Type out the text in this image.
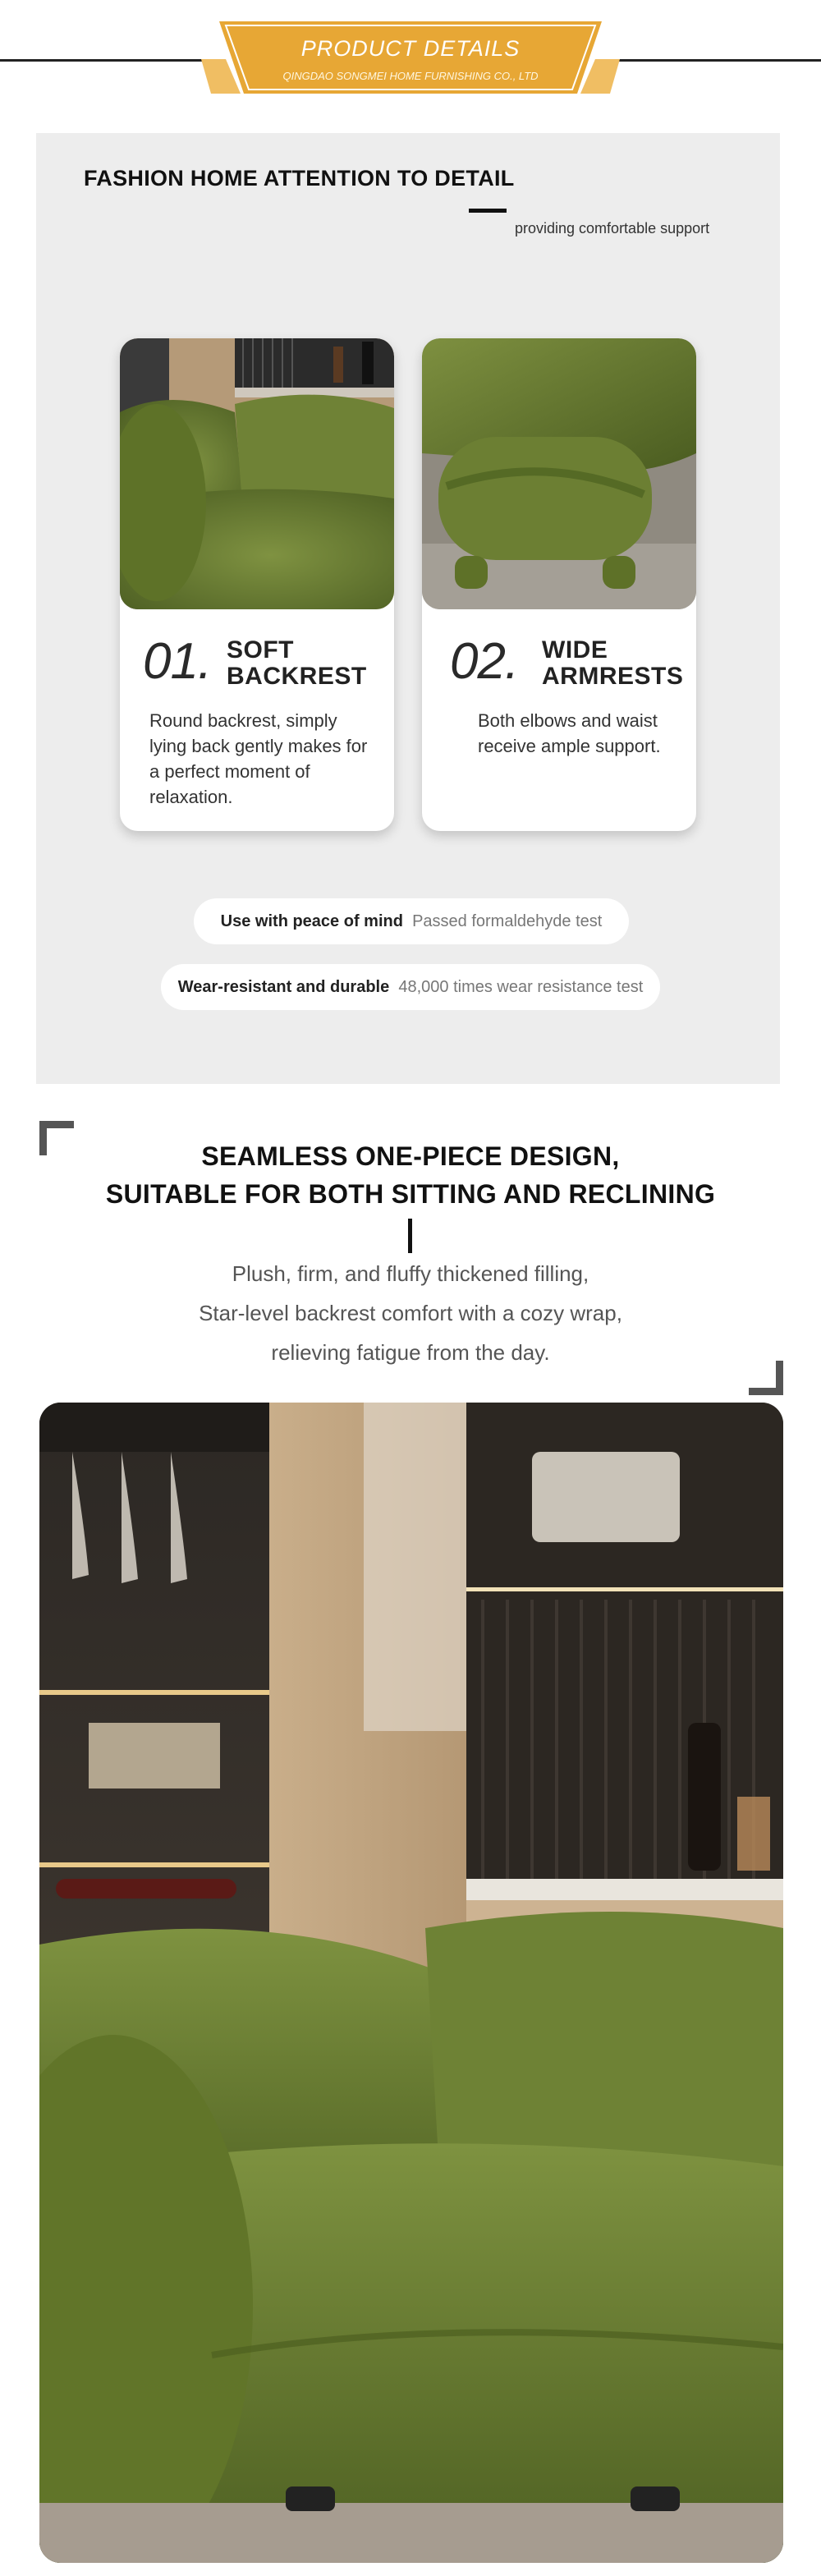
PRODUCT DETAILS
QINGDAO SONGMEI HOME FURNISHING CO., LTD
FASHION HOME ATTENTION TO DETAIL
providing comfortable support
01. SOFT
BACKREST
Round backrest, simply lying back gently makes for a perfect moment of relaxation.
02. WIDE
ARMRESTS
Both elbows and waist receive ample support.
Use with peace of mind Passed formaldehyde test
Wear-resistant and durable 48,000 times wear resistance test
SEAMLESS ONE-PIECE DESIGN,
SUITABLE FOR BOTH SITTING AND RECLINING
Plush, firm, and fluffy thickened filling,
Star-level backrest comfort with a cozy wrap,
relieving fatigue from the day.
